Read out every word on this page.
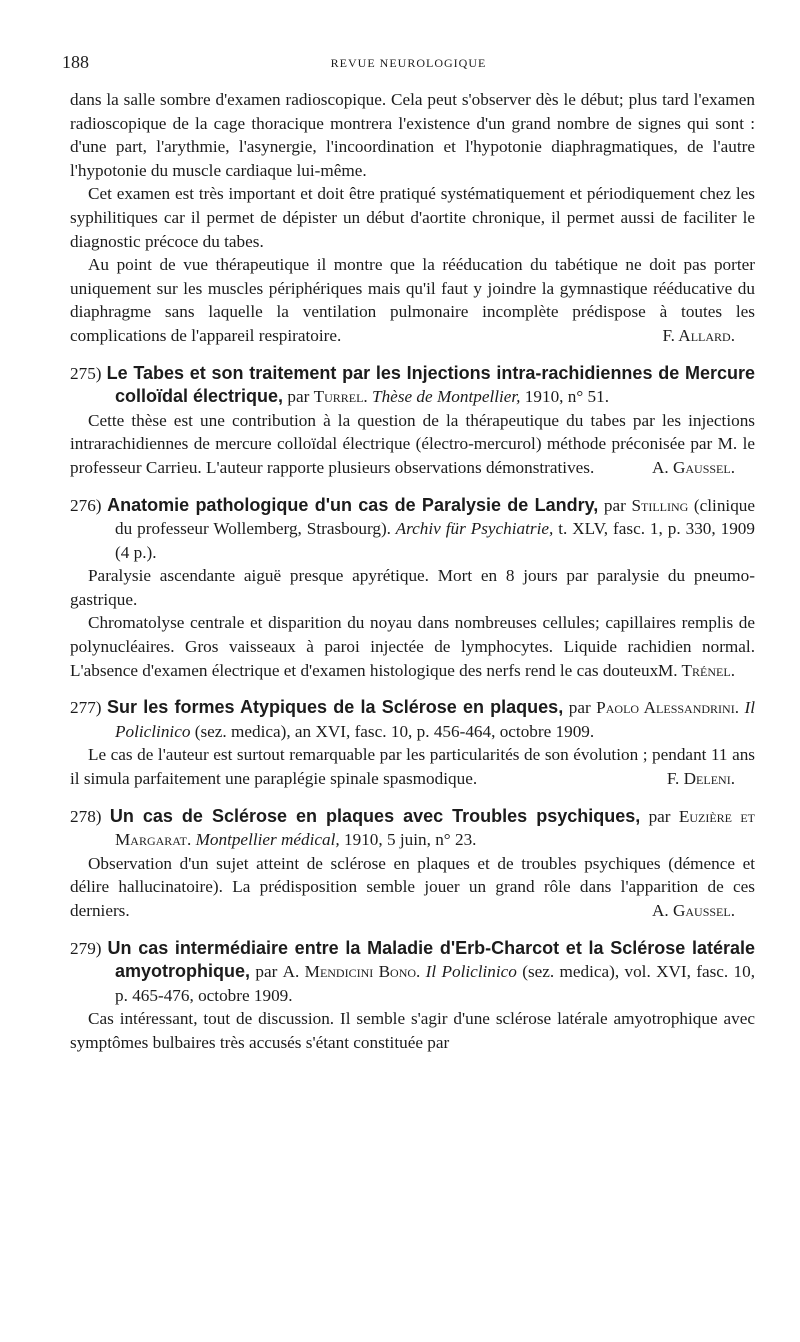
188	REVUE NEUROLOGIQUE

dans la salle sombre d'examen radioscopique. Cela peut s'observer dès le début; plus tard l'examen radioscopique de la cage thoracique montrera l'existence d'un grand nombre de signes qui sont : d'une part, l'arythmie, l'asynergie, l'incoordination et l'hypotonie diaphragmatiques, de l'autre l'hypotonie du muscle cardiaque lui-même.

Cet examen est très important et doit être pratiqué systématiquement et périodiquement chez les syphilitiques car il permet de dépister un début d'aortite chronique, il permet aussi de faciliter le diagnostic précoce du tabes.

Au point de vue thérapeutique il montre que la rééducation du tabétique ne doit pas porter uniquement sur les muscles périphériques mais qu'il faut y joindre la gymnastique rééducative du diaphragme sans laquelle la ventilation pulmonaire incomplète prédispose à toutes les complications de l'appareil respiratoire.	F. Allard.

275) Le Tabes et son traitement par les Injections intra-rachidiennes de Mercure colloïdal électrique, par Turrel. Thèse de Montpellier, 1910, n° 51.

Cette thèse est une contribution à la question de la thérapeutique du tabes par les injections intrarachidiennes de mercure colloïdal électrique (électro-mercurol) méthode préconisée par M. le professeur Carrieu. L'auteur rapporte plusieurs observations démonstratives.	A. Gaussel.

276) Anatomie pathologique d'un cas de Paralysie de Landry, par Stilling (clinique du professeur Wollemberg, Strasbourg). Archiv für Psychiatrie, t. XLV, fasc. 1, p. 330, 1909 (4 p.).

Paralysie ascendante aiguë presque apyrétique. Mort en 8 jours par paralysie du pneumo-gastrique.

Chromatolyse centrale et disparition du noyau dans nombreuses cellules; capillaires remplis de polynucléaires. Gros vaisseaux à paroi injectée de lymphocytes. Liquide rachidien normal. L'absence d'examen électrique et d'examen histologique des nerfs rend le cas douteux.

M. Trénel.

277) Sur les formes Atypiques de la Sclérose en plaques, par Paolo Alessandrini. Il Policlinico (sez. medica), an XVI, fasc. 10, p. 456-464, octobre 1909.

Le cas de l'auteur est surtout remarquable par les particularités de son évolution ; pendant 11 ans il simula parfaitement une paraplégie spinale spasmodique.	F. Deleni.

278) Un cas de Sclérose en plaques avec Troubles psychiques, par Euzière et Margarat. Montpellier médical, 1910, 5 juin, n° 23.

Observation d'un sujet atteint de sclérose en plaques et de troubles psychiques (démence et délire hallucinatoire). La prédisposition semble jouer un grand rôle dans l'apparition de ces derniers.	A. Gaussel.

279) Un cas intermédiaire entre la Maladie d'Erb-Charcot et la Sclérose latérale amyotrophique, par A. Mendicini Bono. Il Policlinico (sez. medica), vol. XVI, fasc. 10, p. 465-476, octobre 1909.

Cas intéressant, tout de discussion. Il semble s'agir d'une sclérose latérale amyotrophique avec symptômes bulbaires très accusés s'étant constituée par
